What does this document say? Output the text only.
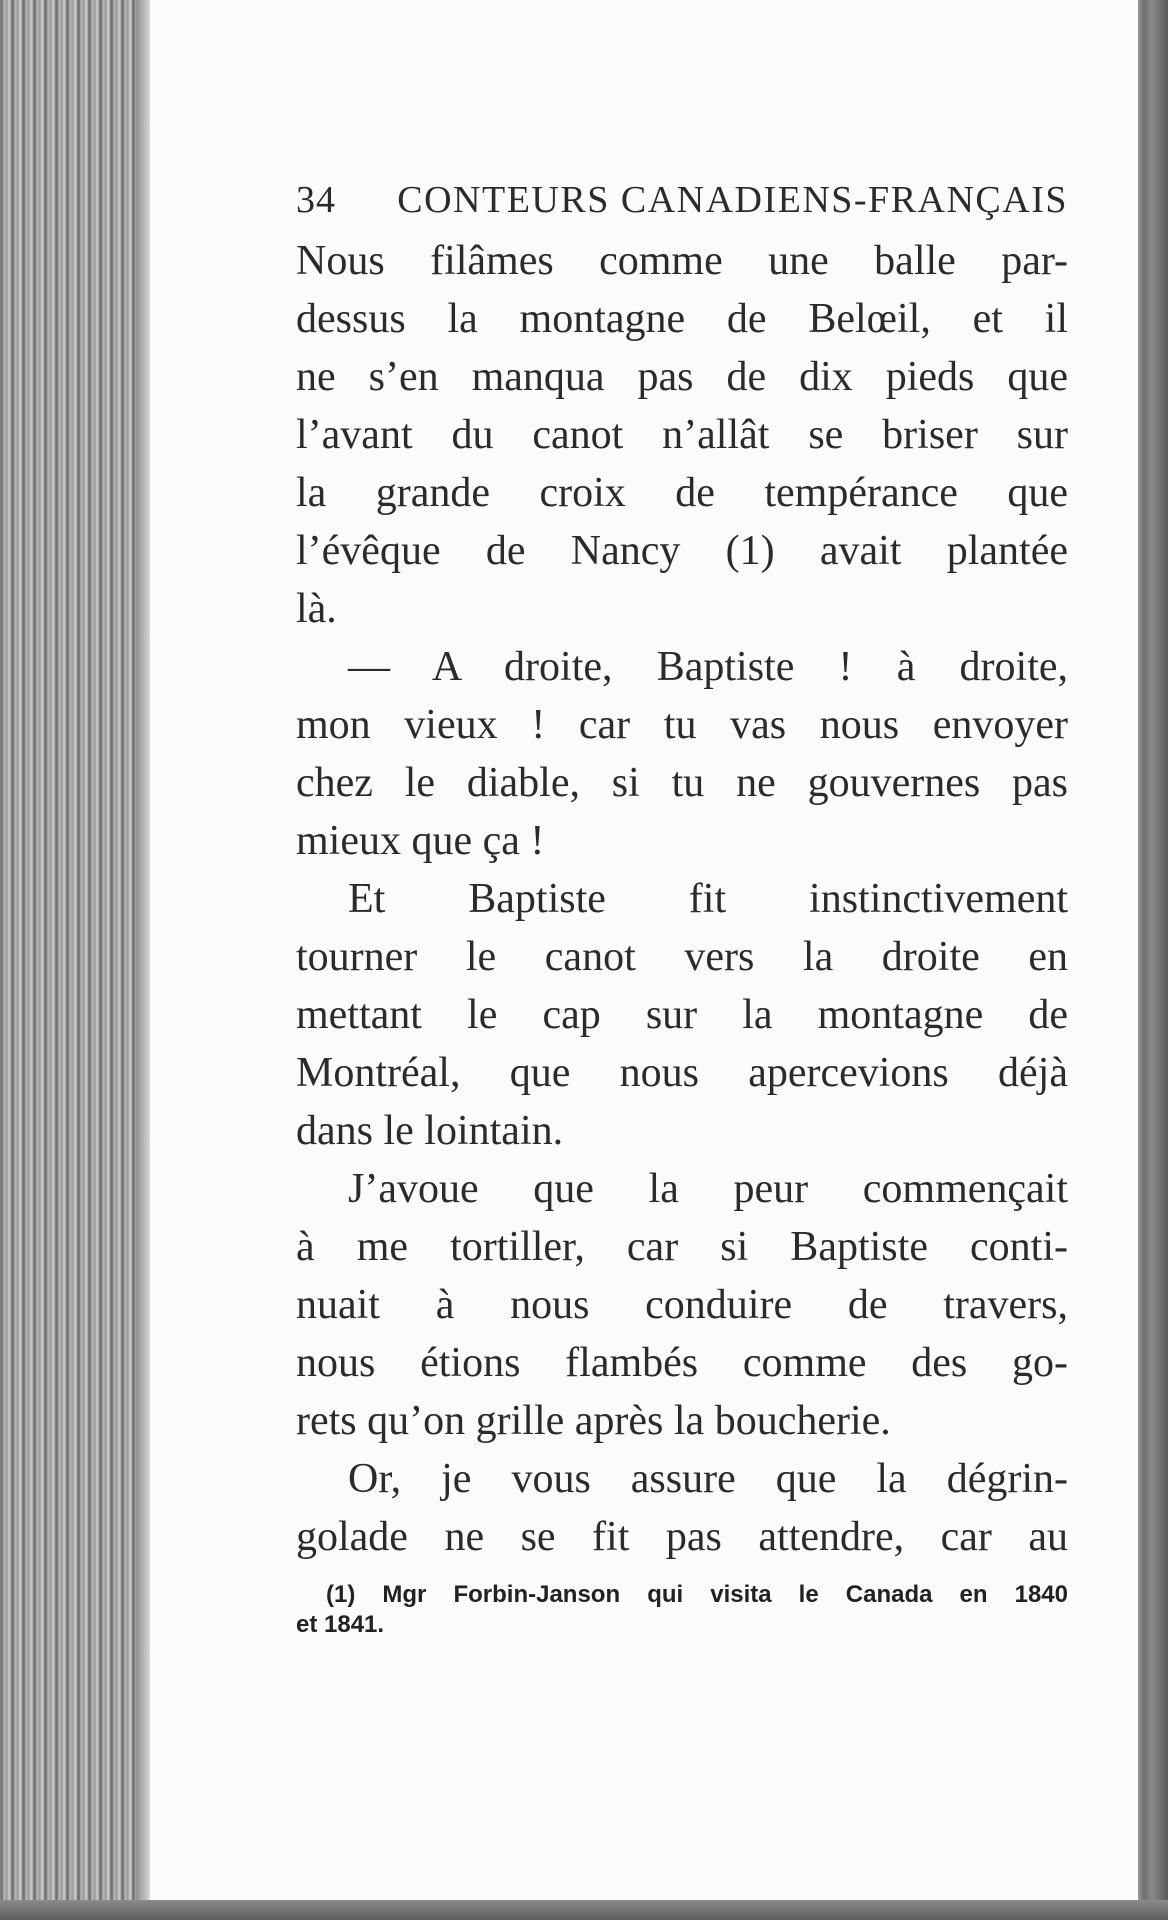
34 CONTEURS CANADIENS-FRANÇAIS
Nous filâmes comme une balle par-
dessus la montagne de Belœil, et il
ne s’en manqua pas de dix pieds que
l’avant du canot n’allât se briser sur
la grande croix de tempérance que
l’évêque de Nancy (1) avait plantée
là.
— A droite, Baptiste ! à droite,
mon vieux ! car tu vas nous envoyer
chez le diable, si tu ne gouvernes pas
mieux que ça !
Et Baptiste fit instinctivement
tourner le canot vers la droite en
mettant le cap sur la montagne de
Montréal, que nous apercevions déjà
dans le lointain.
J’avoue que la peur commençait
à me tortiller, car si Baptiste conti-
nuait à nous conduire de travers,
nous étions flambés comme des go-
rets qu’on grille après la boucherie.
Or, je vous assure que la dégrin-
golade ne se fit pas attendre, car au
(1) Mgr Forbin-Janson qui visita le Canada en 1840
et 1841.
